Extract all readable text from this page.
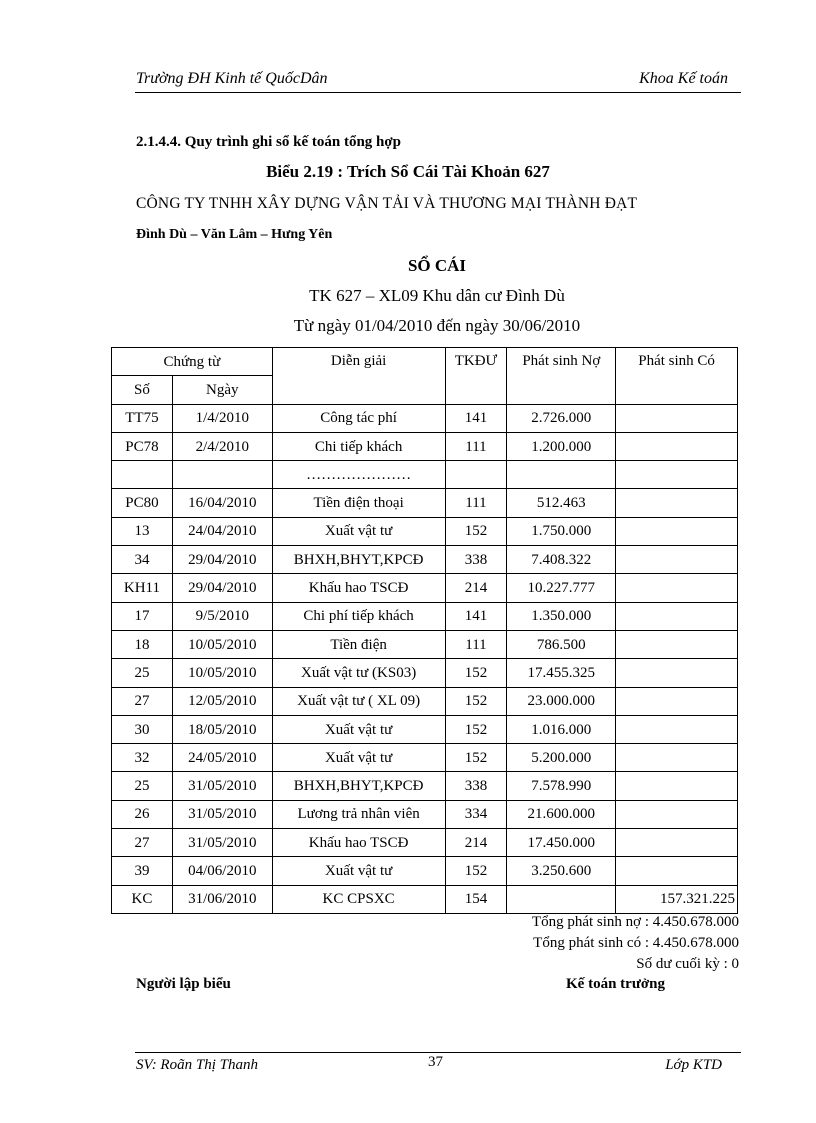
Trường ĐH Kinh tế QuốcDân	Khoa Kế toán
2.1.4.4. Quy trình ghi sổ kế toán tổng hợp
Biểu 2.19 : Trích Sổ Cái Tài Khoản 627
CÔNG TY TNHH XÂY DỰNG VẬN TẢI VÀ THƯƠNG MẠI THÀNH ĐẠT
Đình Dù – Văn Lâm – Hưng Yên
SỔ CÁI
TK 627 – XL09 Khu dân cư Đình Dù
Từ ngày 01/04/2010 đến ngày 30/06/2010
Chứng từ		Diễn giải	TKĐƯ	Phát sinh Nợ	Phát sinh Có
Số	Ngày				
TT75	1/4/2010	Công tác phí	141	2.726.000	
PC78	2/4/2010	Chi tiếp khách	111	1.200.000	
		…………………			
PC80	16/04/2010	Tiền điện thoại	111	512.463	
13	24/04/2010	Xuất vật tư	152	1.750.000	
34	29/04/2010	BHXH,BHYT,KPCĐ	338	7.408.322	
KH11	29/04/2010	Khấu hao TSCĐ	214	10.227.777	
17	9/5/2010	Chi phí tiếp khách	141	1.350.000	
18	10/05/2010	Tiền điện	111	786.500	
25	10/05/2010	Xuất vật tư (KS03)	152	17.455.325	
27	12/05/2010	Xuất vật tư ( XL 09)	152	23.000.000	
30	18/05/2010	Xuất vật tư	152	1.016.000	
32	24/05/2010	Xuất vật tư	152	5.200.000	
25	31/05/2010	BHXH,BHYT,KPCĐ	338	7.578.990	
26	31/05/2010	Lương trả nhân viên	334	21.600.000	
27	31/05/2010	Khấu hao TSCĐ	214	17.450.000	
39	04/06/2010	Xuất vật tư	152	3.250.600	
KC	31/06/2010	KC CPSXC	154		157.321.225
Tổng phát sinh nợ : 4.450.678.000
Tổng phát sinh có : 4.450.678.000
Số dư cuối kỳ : 0
Người lập biểu	Kế toán trưởng
SV: Roãn Thị Thanh	37	Lớp KTD
